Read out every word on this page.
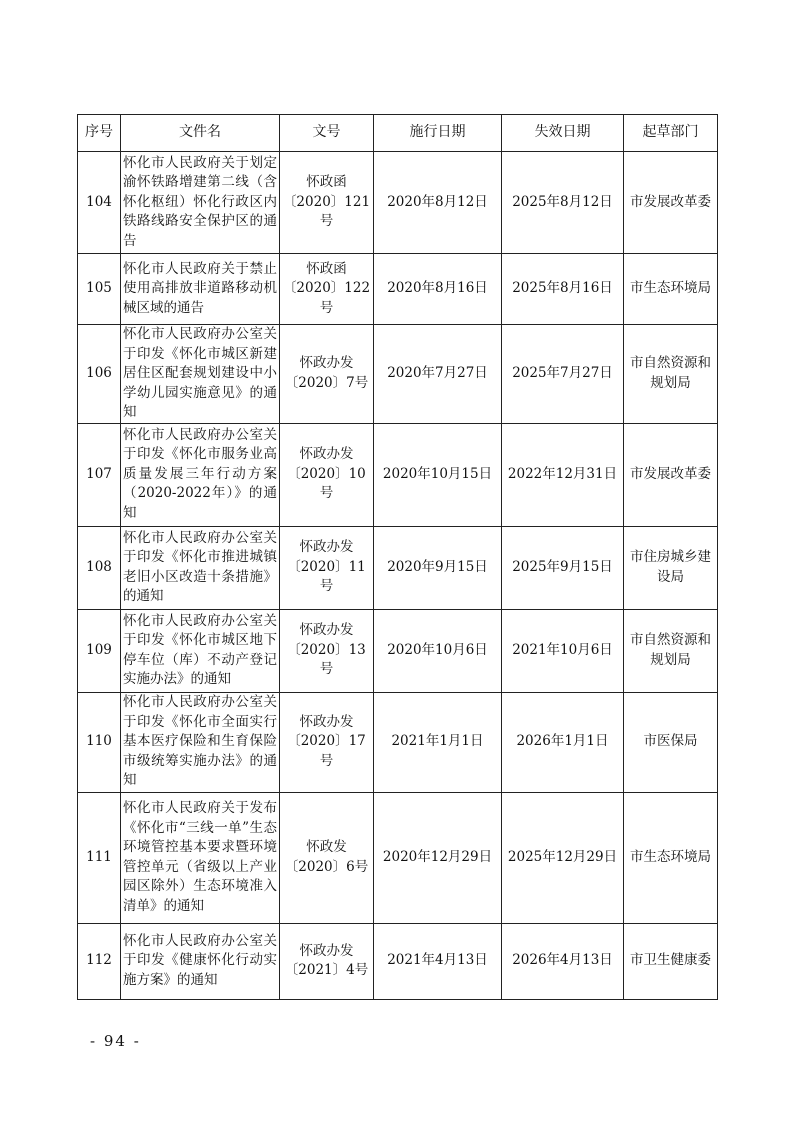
序号	文件名	文号	施行日期	失效日期	起草部门
104	怀化市人民政府关于划定渝怀铁路增建第二线（含怀化枢纽）怀化行政区内铁路线路安全保护区的通告	怀政函〔2020〕121号	2020年8月12日	2025年8月12日	市发展改革委
105	怀化市人民政府关于禁止使用高排放非道路移动机械区域的通告	怀政函〔2020〕122号	2020年8月16日	2025年8月16日	市生态环境局
106	怀化市人民政府办公室关于印发《怀化市城区新建居住区配套规划建设中小学幼儿园实施意见》的通知	怀政办发〔2020〕7号	2020年7月27日	2025年7月27日	市自然资源和规划局
107	怀化市人民政府办公室关于印发《怀化市服务业高质量发展三年行动方案（2020-2022年）》的通知	怀政办发〔2020〕10号	2020年10月15日	2022年12月31日	市发展改革委
108	怀化市人民政府办公室关于印发《怀化市推进城镇老旧小区改造十条措施》的通知	怀政办发〔2020〕11号	2020年9月15日	2025年9月15日	市住房城乡建设局
109	怀化市人民政府办公室关于印发《怀化市城区地下停车位（库）不动产登记实施办法》的通知	怀政办发〔2020〕13号	2020年10月6日	2021年10月6日	市自然资源和规划局
110	怀化市人民政府办公室关于印发《怀化市全面实行基本医疗保险和生育保险市级统筹实施办法》的通知	怀政办发〔2020〕17号	2021年1月1日	2026年1月1日	市医保局
111	怀化市人民政府关于发布《怀化市“三线一单”生态环境管控基本要求暨环境管控单元（省级以上产业园区除外）生态环境准入清单》的通知	怀政发〔2020〕6号	2020年12月29日	2025年12月29日	市生态环境局
112	怀化市人民政府办公室关于印发《健康怀化行动实施方案》的通知	怀政办发〔2021〕4号	2021年4月13日	2026年4月13日	市卫生健康委
- 94 -
